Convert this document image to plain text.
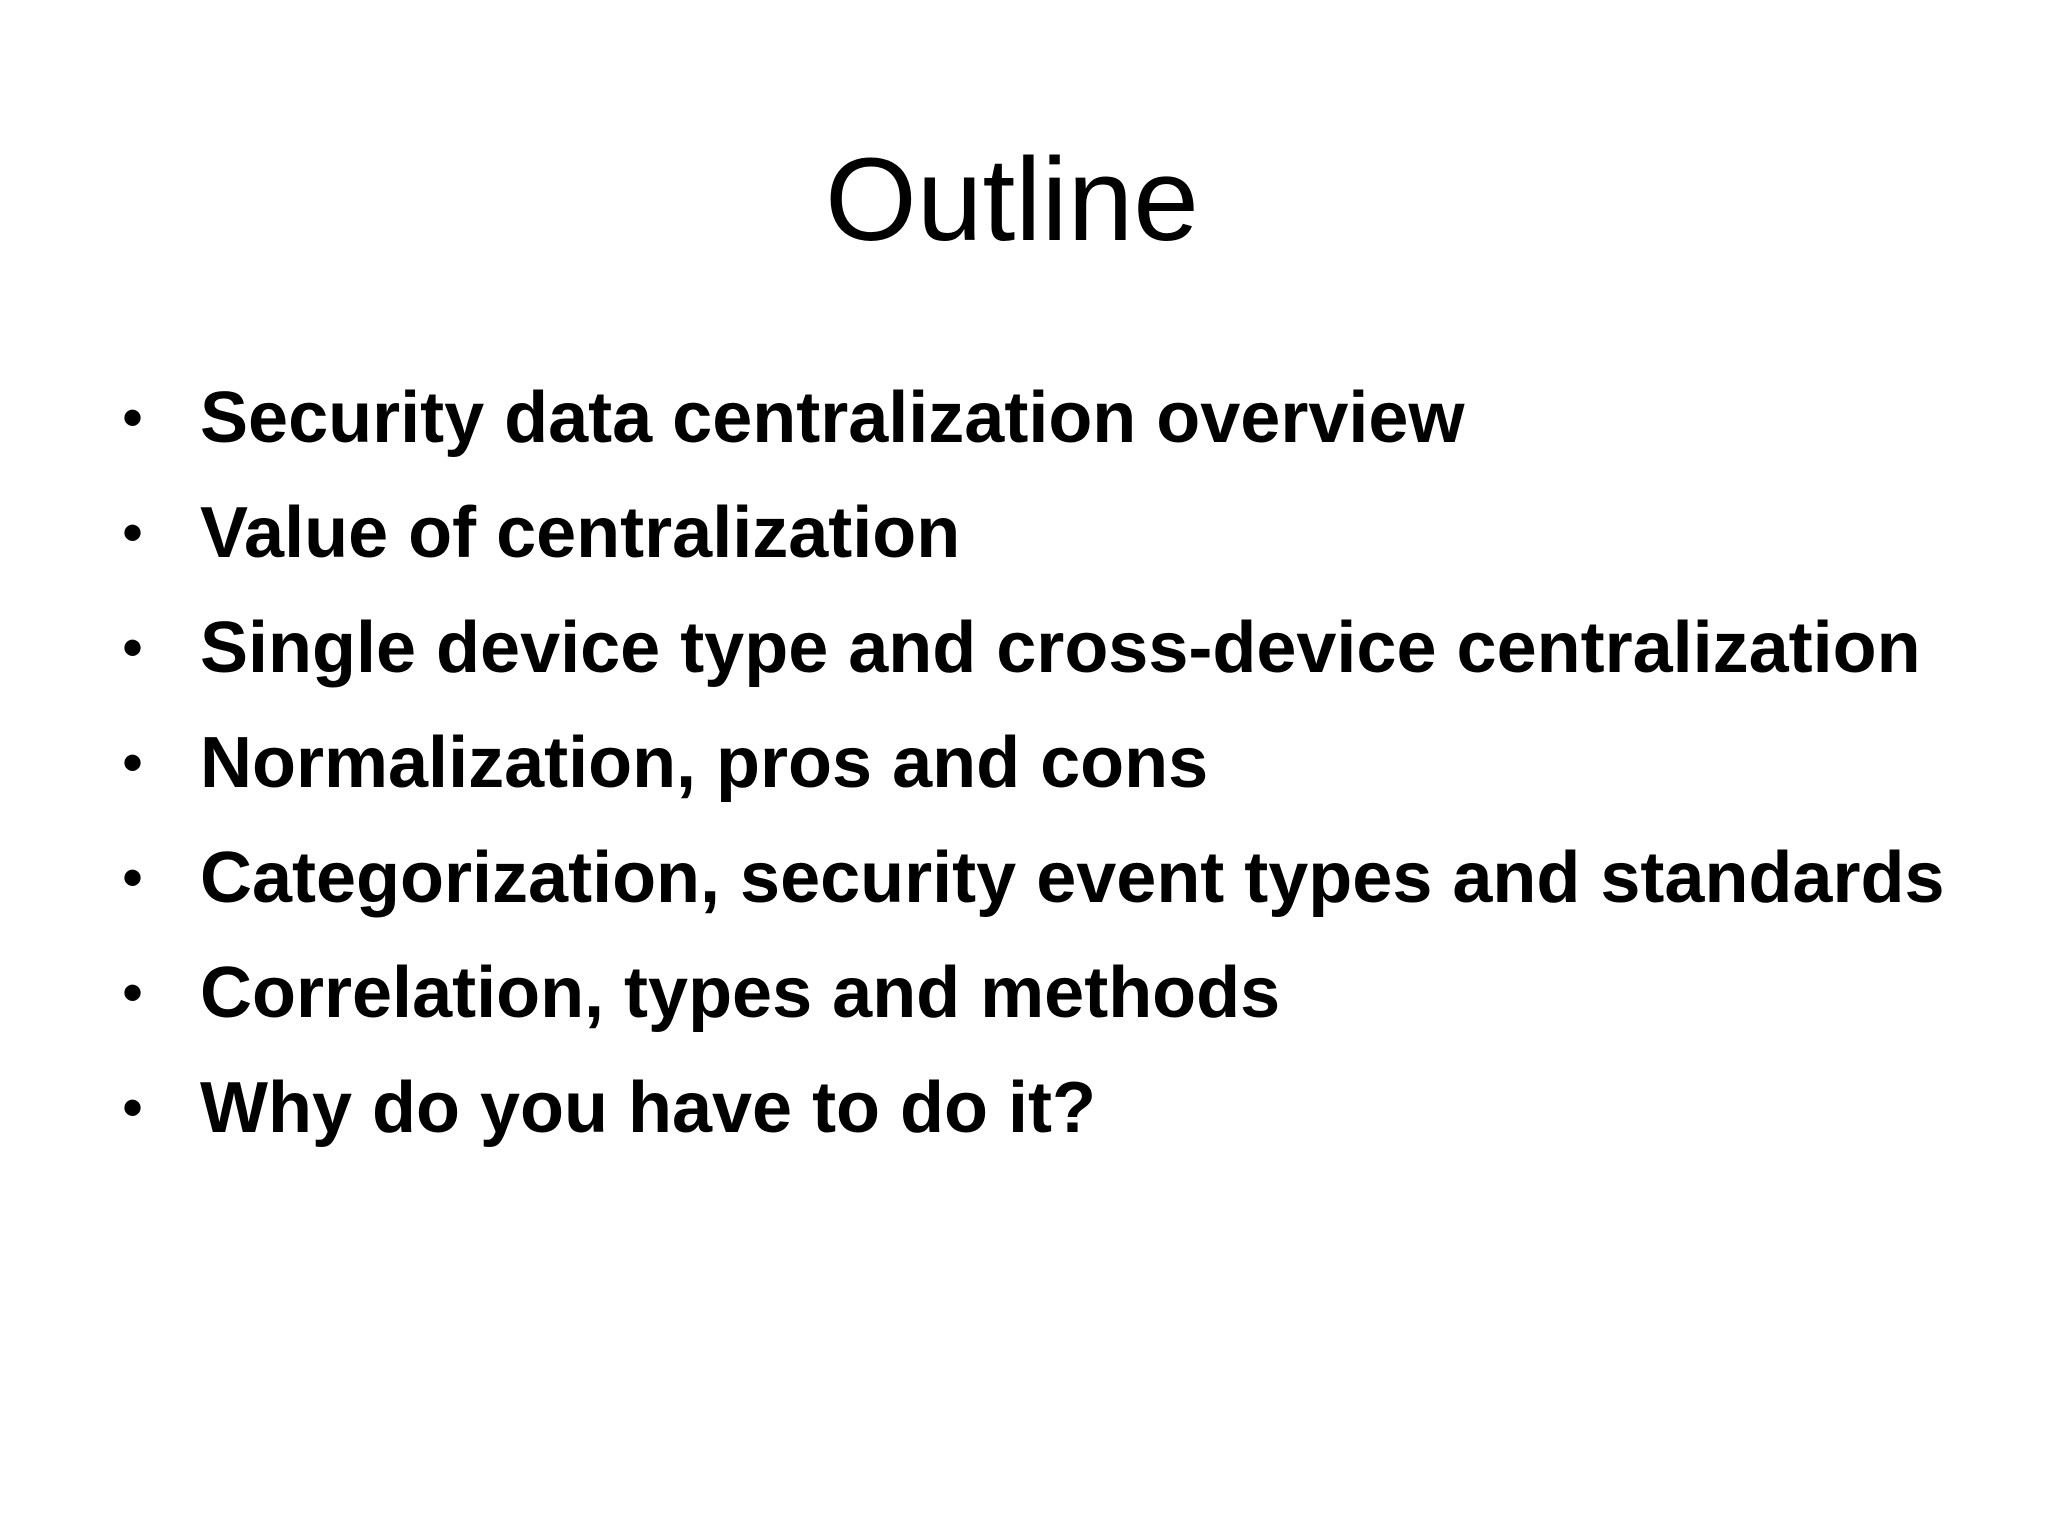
Outline
• Security data centralization overview
• Value of centralization
• Single device type and cross-device centralization
• Normalization, pros and cons
• Categorization, security event types and standards
• Correlation, types and methods
• Why do you have to do it?
